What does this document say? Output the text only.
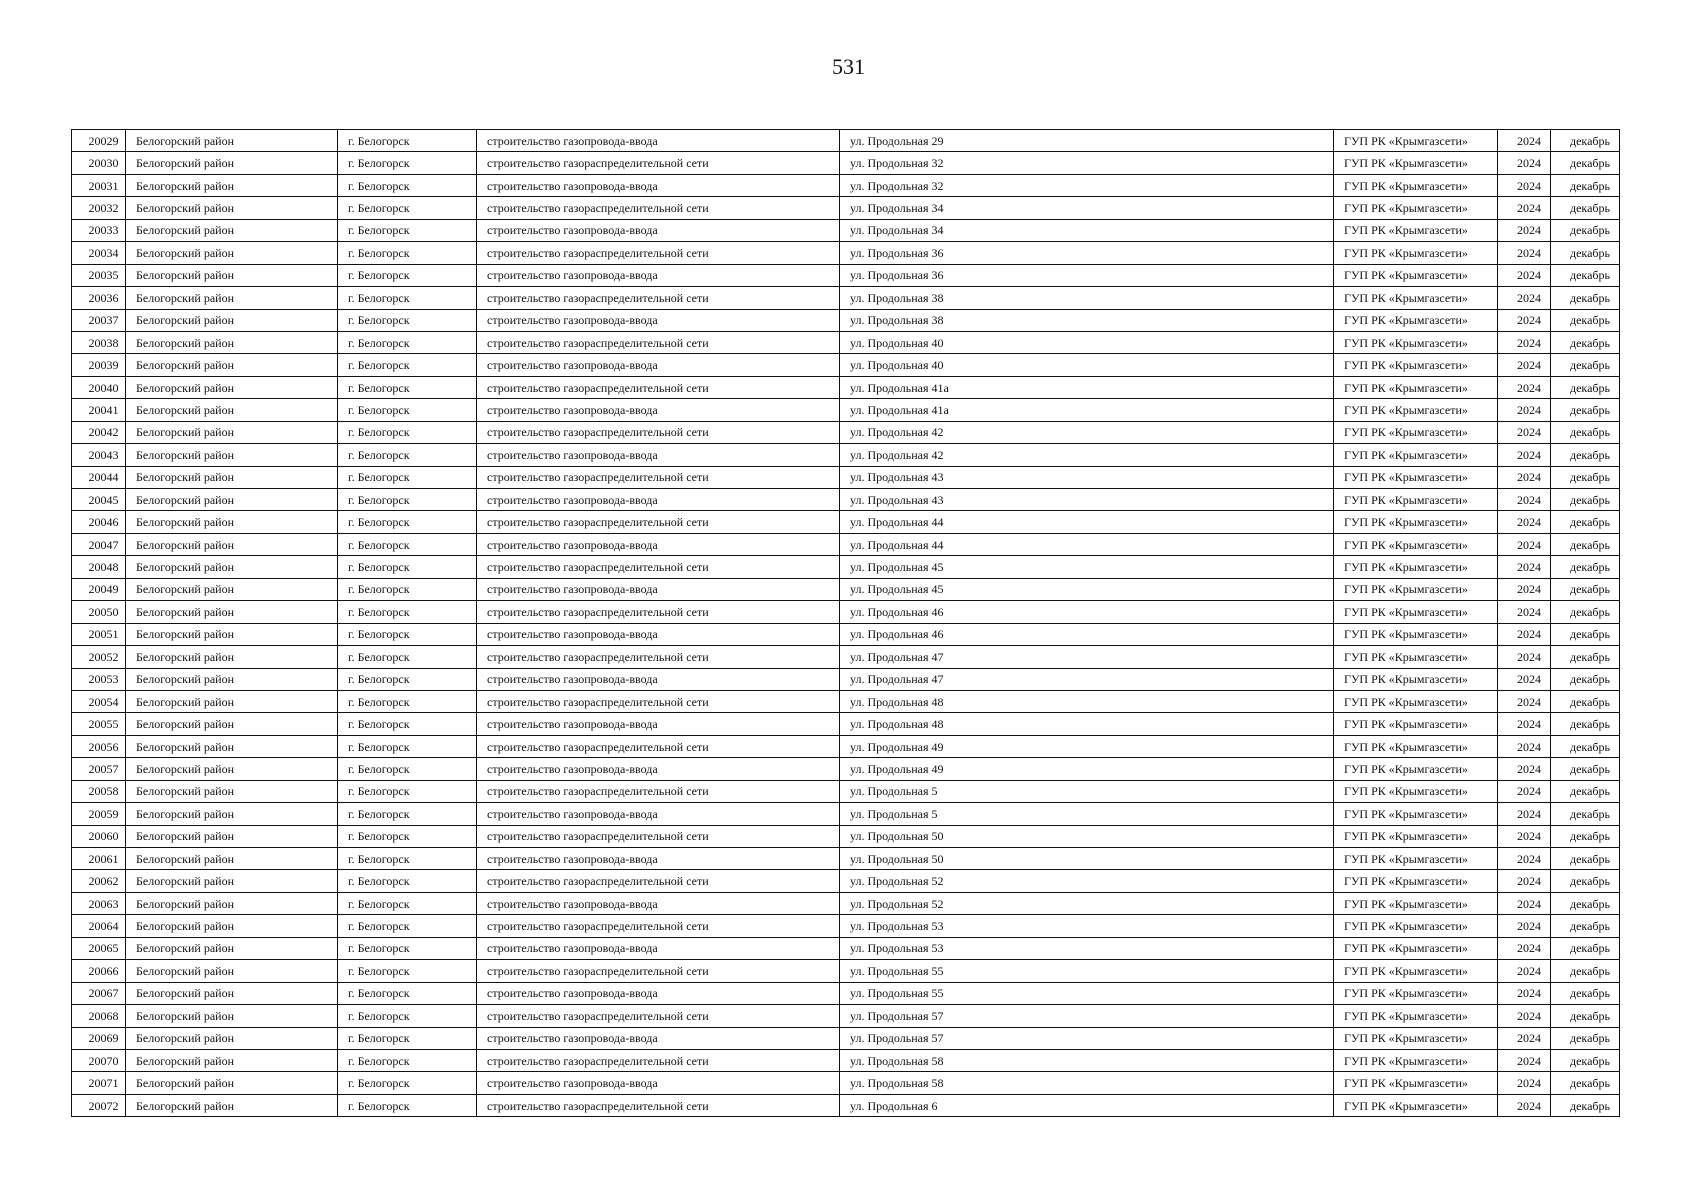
531
20029	Белогорский район	г. Белогорск	строительство газопровода-ввода	ул. Продольная 29	ГУП РК «Крымгазсети»	2024	декабрь
20030	Белогорский район	г. Белогорск	строительство газораспределительной сети	ул. Продольная 32	ГУП РК «Крымгазсети»	2024	декабрь
20031	Белогорский район	г. Белогорск	строительство газопровода-ввода	ул. Продольная 32	ГУП РК «Крымгазсети»	2024	декабрь
20032	Белогорский район	г. Белогорск	строительство газораспределительной сети	ул. Продольная 34	ГУП РК «Крымгазсети»	2024	декабрь
20033	Белогорский район	г. Белогорск	строительство газопровода-ввода	ул. Продольная 34	ГУП РК «Крымгазсети»	2024	декабрь
20034	Белогорский район	г. Белогорск	строительство газораспределительной сети	ул. Продольная 36	ГУП РК «Крымгазсети»	2024	декабрь
20035	Белогорский район	г. Белогорск	строительство газопровода-ввода	ул. Продольная 36	ГУП РК «Крымгазсети»	2024	декабрь
20036	Белогорский район	г. Белогорск	строительство газораспределительной сети	ул. Продольная 38	ГУП РК «Крымгазсети»	2024	декабрь
20037	Белогорский район	г. Белогорск	строительство газопровода-ввода	ул. Продольная 38	ГУП РК «Крымгазсети»	2024	декабрь
20038	Белогорский район	г. Белогорск	строительство газораспределительной сети	ул. Продольная 40	ГУП РК «Крымгазсети»	2024	декабрь
20039	Белогорский район	г. Белогорск	строительство газопровода-ввода	ул. Продольная 40	ГУП РК «Крымгазсети»	2024	декабрь
20040	Белогорский район	г. Белогорск	строительство газораспределительной сети	ул. Продольная 41а	ГУП РК «Крымгазсети»	2024	декабрь
20041	Белогорский район	г. Белогорск	строительство газопровода-ввода	ул. Продольная 41а	ГУП РК «Крымгазсети»	2024	декабрь
20042	Белогорский район	г. Белогорск	строительство газораспределительной сети	ул. Продольная 42	ГУП РК «Крымгазсети»	2024	декабрь
20043	Белогорский район	г. Белогорск	строительство газопровода-ввода	ул. Продольная 42	ГУП РК «Крымгазсети»	2024	декабрь
20044	Белогорский район	г. Белогорск	строительство газораспределительной сети	ул. Продольная 43	ГУП РК «Крымгазсети»	2024	декабрь
20045	Белогорский район	г. Белогорск	строительство газопровода-ввода	ул. Продольная 43	ГУП РК «Крымгазсети»	2024	декабрь
20046	Белогорский район	г. Белогорск	строительство газораспределительной сети	ул. Продольная 44	ГУП РК «Крымгазсети»	2024	декабрь
20047	Белогорский район	г. Белогорск	строительство газопровода-ввода	ул. Продольная 44	ГУП РК «Крымгазсети»	2024	декабрь
20048	Белогорский район	г. Белогорск	строительство газораспределительной сети	ул. Продольная 45	ГУП РК «Крымгазсети»	2024	декабрь
20049	Белогорский район	г. Белогорск	строительство газопровода-ввода	ул. Продольная 45	ГУП РК «Крымгазсети»	2024	декабрь
20050	Белогорский район	г. Белогорск	строительство газораспределительной сети	ул. Продольная 46	ГУП РК «Крымгазсети»	2024	декабрь
20051	Белогорский район	г. Белогорск	строительство газопровода-ввода	ул. Продольная 46	ГУП РК «Крымгазсети»	2024	декабрь
20052	Белогорский район	г. Белогорск	строительство газораспределительной сети	ул. Продольная 47	ГУП РК «Крымгазсети»	2024	декабрь
20053	Белогорский район	г. Белогорск	строительство газопровода-ввода	ул. Продольная 47	ГУП РК «Крымгазсети»	2024	декабрь
20054	Белогорский район	г. Белогорск	строительство газораспределительной сети	ул. Продольная 48	ГУП РК «Крымгазсети»	2024	декабрь
20055	Белогорский район	г. Белогорск	строительство газопровода-ввода	ул. Продольная 48	ГУП РК «Крымгазсети»	2024	декабрь
20056	Белогорский район	г. Белогорск	строительство газораспределительной сети	ул. Продольная 49	ГУП РК «Крымгазсети»	2024	декабрь
20057	Белогорский район	г. Белогорск	строительство газопровода-ввода	ул. Продольная 49	ГУП РК «Крымгазсети»	2024	декабрь
20058	Белогорский район	г. Белогорск	строительство газораспределительной сети	ул. Продольная 5	ГУП РК «Крымгазсети»	2024	декабрь
20059	Белогорский район	г. Белогорск	строительство газопровода-ввода	ул. Продольная 5	ГУП РК «Крымгазсети»	2024	декабрь
20060	Белогорский район	г. Белогорск	строительство газораспределительной сети	ул. Продольная 50	ГУП РК «Крымгазсети»	2024	декабрь
20061	Белогорский район	г. Белогорск	строительство газопровода-ввода	ул. Продольная 50	ГУП РК «Крымгазсети»	2024	декабрь
20062	Белогорский район	г. Белогорск	строительство газораспределительной сети	ул. Продольная 52	ГУП РК «Крымгазсети»	2024	декабрь
20063	Белогорский район	г. Белогорск	строительство газопровода-ввода	ул. Продольная 52	ГУП РК «Крымгазсети»	2024	декабрь
20064	Белогорский район	г. Белогорск	строительство газораспределительной сети	ул. Продольная 53	ГУП РК «Крымгазсети»	2024	декабрь
20065	Белогорский район	г. Белогорск	строительство газопровода-ввода	ул. Продольная 53	ГУП РК «Крымгазсети»	2024	декабрь
20066	Белогорский район	г. Белогорск	строительство газораспределительной сети	ул. Продольная 55	ГУП РК «Крымгазсети»	2024	декабрь
20067	Белогорский район	г. Белогорск	строительство газопровода-ввода	ул. Продольная 55	ГУП РК «Крымгазсети»	2024	декабрь
20068	Белогорский район	г. Белогорск	строительство газораспределительной сети	ул. Продольная 57	ГУП РК «Крымгазсети»	2024	декабрь
20069	Белогорский район	г. Белогорск	строительство газопровода-ввода	ул. Продольная 57	ГУП РК «Крымгазсети»	2024	декабрь
20070	Белогорский район	г. Белогорск	строительство газораспределительной сети	ул. Продольная 58	ГУП РК «Крымгазсети»	2024	декабрь
20071	Белогорский район	г. Белогорск	строительство газопровода-ввода	ул. Продольная 58	ГУП РК «Крымгазсети»	2024	декабрь
20072	Белогорский район	г. Белогорск	строительство газораспределительной сети	ул. Продольная 6	ГУП РК «Крымгазсети»	2024	декабрь
